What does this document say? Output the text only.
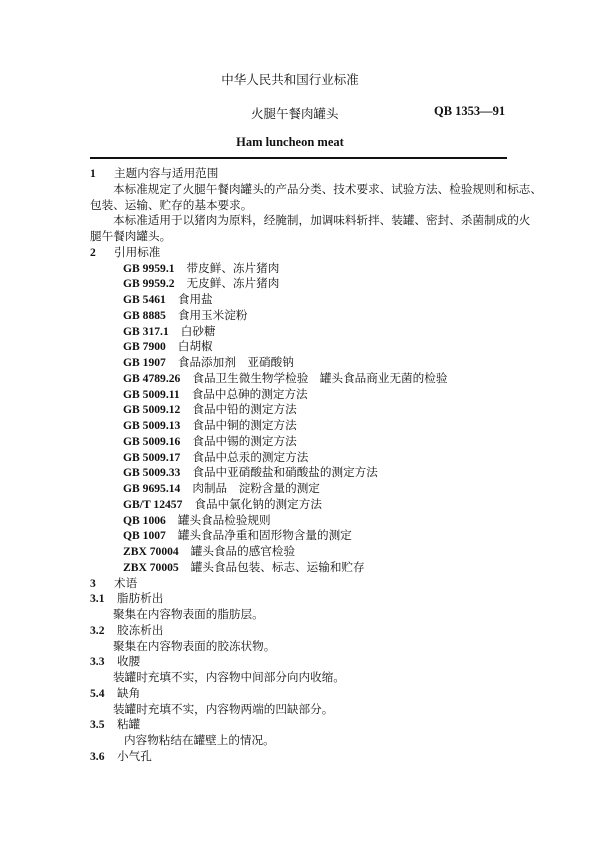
中华人民共和国行业标准
火腿午餐肉罐头	QB 1353—91
Ham luncheon meat
1 主题内容与适用范围
本标准规定了火腿午餐肉罐头的产品分类、技术要求、试验方法、检验规则和标志、
包装、运输、贮存的基本要求。
本标准适用于以猪肉为原料，经腌制，加调味料斩拌、装罐、密封、杀菌制成的火
腿午餐肉罐头。
2 引用标准
GB 9959.1 带皮鲜、冻片猪肉
GB 9959.2 无皮鲜、冻片猪肉
GB 5461 食用盐
GB 8885 食用玉米淀粉
GB 317.1 白砂糖
GB 7900 白胡椒
GB 1907 食品添加剂　亚硝酸钠
GB 4789.26 食品卫生微生物学检验　罐头食品商业无菌的检验
GB 5009.11 食品中总砷的测定方法
GB 5009.12 食品中铅的测定方法
GB 5009.13 食品中铜的测定方法
GB 5009.16 食品中锡的测定方法
GB 5009.17 食品中总汞的测定方法
GB 5009.33 食品中亚硝酸盐和硝酸盐的测定方法
GB 9695.14 肉制品　淀粉含量的测定
GB/T 12457 食品中氯化钠的测定方法
QB 1006 罐头食品检验规则
QB 1007 罐头食品净重和固形物含量的测定
ZBX 70004 罐头食品的感官检验
ZBX 70005 罐头食品包装、标志、运输和贮存
3 术语
3.1 脂肪析出
聚集在内容物表面的脂肪层。
3.2 胶冻析出
聚集在内容物表面的胶冻状物。
3.3 收腰
装罐时充填不实，内容物中间部分向内收缩。
5.4 缺角
装罐时充填不实，内容物两端的凹缺部分。
3.5 粘罐
内容物粘结在罐壁上的情况。
3.6 小气孔
